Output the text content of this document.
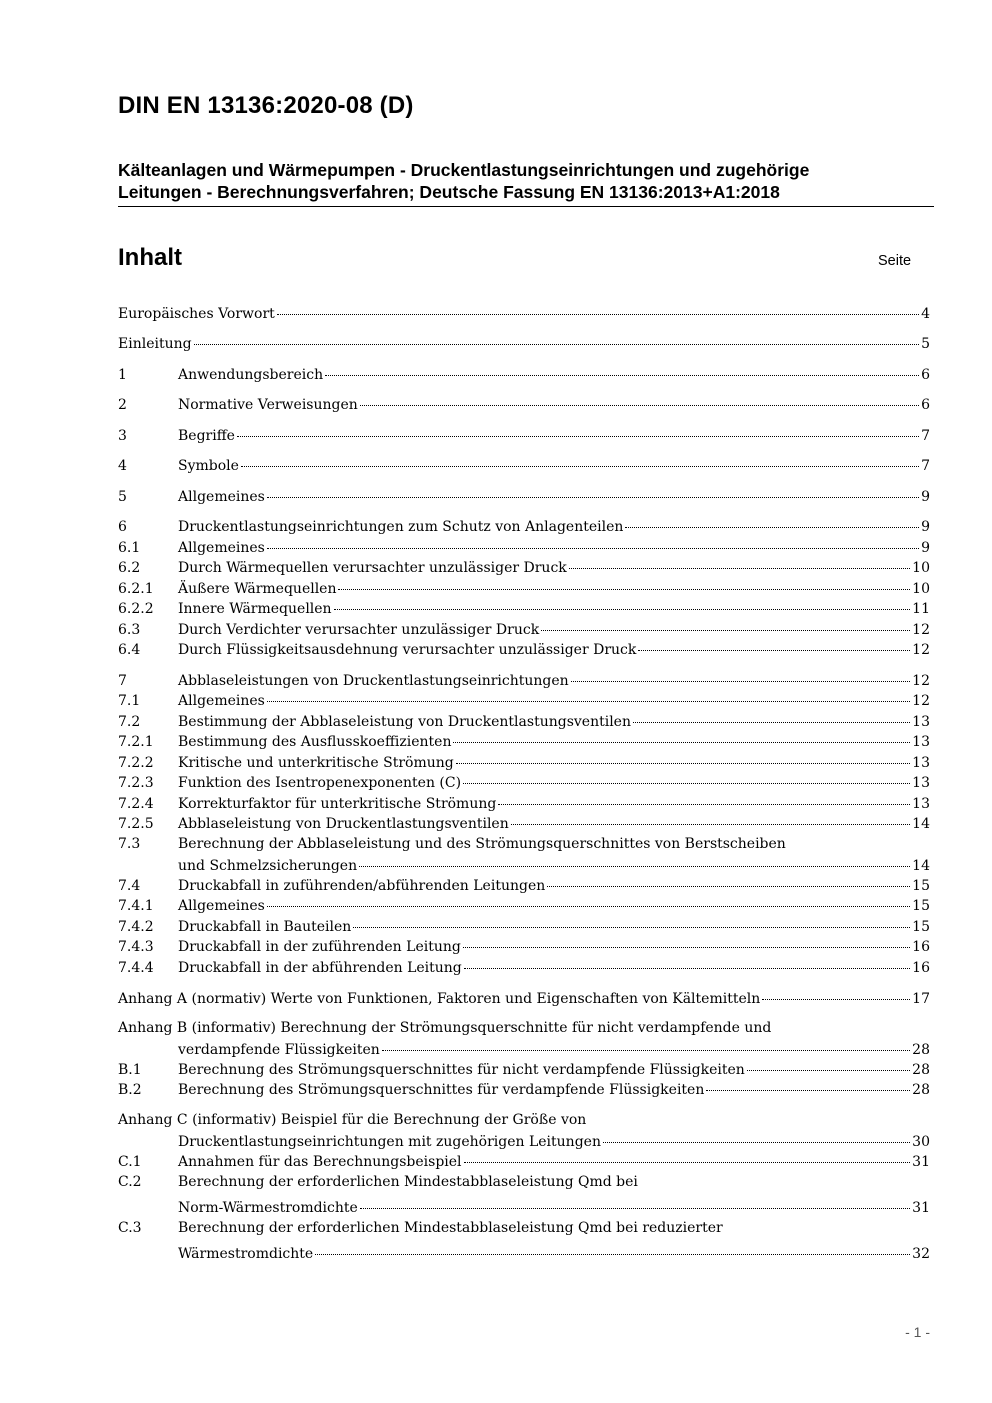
DIN EN 13136:2020-08 (D)
Kälteanlagen und Wärmepumpen - Druckentlastungseinrichtungen und zugehörige
Leitungen - Berechnungsverfahren; Deutsche Fassung EN 13136:2013+A1:2018
Inhalt	Seite
Europäisches Vorwort	4
Einleitung	5
1	Anwendungsbereich	6
2	Normative Verweisungen	6
3	Begriffe	7
4	Symbole	7
5	Allgemeines	9
6	Druckentlastungseinrichtungen zum Schutz von Anlagenteilen	9
6.1	Allgemeines	9
6.2	Durch Wärmequellen verursachter unzulässiger Druck	10
6.2.1	Äußere Wärmequellen	10
6.2.2	Innere Wärmequellen	11
6.3	Durch Verdichter verursachter unzulässiger Druck	12
6.4	Durch Flüssigkeitsausdehnung verursachter unzulässiger Druck	12
7	Abblaseleistungen von Druckentlastungseinrichtungen	12
7.1	Allgemeines	12
7.2	Bestimmung der Abblaseleistung von Druckentlastungsventilen	13
7.2.1	Bestimmung des Ausflusskoeffizienten	13
7.2.2	Kritische und unterkritische Strömung	13
7.2.3	Funktion des Isentropenexponenten (C)	13
7.2.4	Korrekturfaktor für unterkritische Strömung	13
7.2.5	Abblaseleistung von Druckentlastungsventilen	14
7.3	Berechnung der Abblaseleistung und des Strömungsquerschnittes von Berstscheiben
und Schmelzsicherungen	14
7.4	Druckabfall in zuführenden/abführenden Leitungen	15
7.4.1	Allgemeines	15
7.4.2	Druckabfall in Bauteilen	15
7.4.3	Druckabfall in der zuführenden Leitung	16
7.4.4	Druckabfall in der abführenden Leitung	16
Anhang A (normativ) Werte von Funktionen, Faktoren und Eigenschaften von Kältemitteln	17
Anhang B (informativ) Berechnung der Strömungsquerschnitte für nicht verdampfende und
verdampfende Flüssigkeiten	28
B.1	Berechnung des Strömungsquerschnittes für nicht verdampfende Flüssigkeiten	28
B.2	Berechnung des Strömungsquerschnittes für verdampfende Flüssigkeiten	28
Anhang C (informativ) Beispiel für die Berechnung der Größe von
Druckentlastungseinrichtungen mit zugehörigen Leitungen	30
C.1	Annahmen für das Berechnungsbeispiel	31
C.2	Berechnung der erforderlichen Mindestabblaseleistung Qmd bei
Norm-Wärmestromdichte	31
C.3	Berechnung der erforderlichen Mindestabblaseleistung Qmd bei reduzierter
Wärmestromdichte	32
- 1 -
